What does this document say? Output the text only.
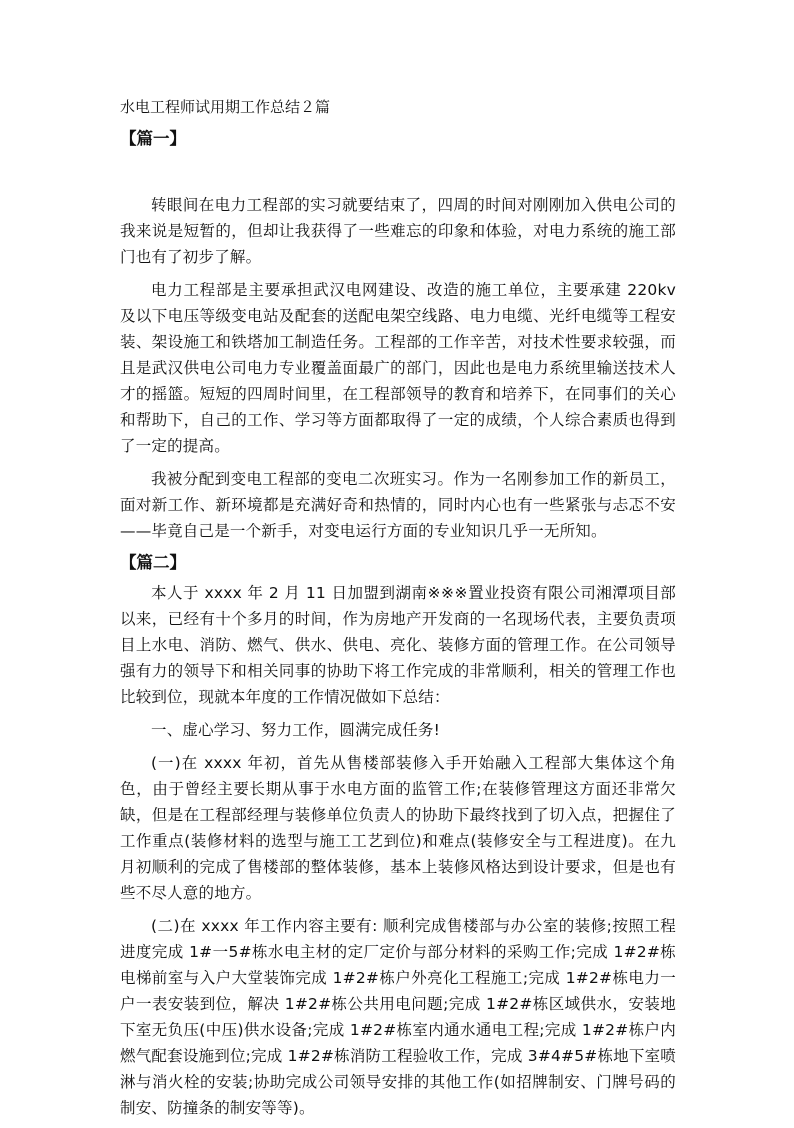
水电工程师试用期工作总结２篇
【篇一】

转眼间在电力工程部的实习就要结束了，四周的时间对刚刚加入供电公司的我来说是短暂的，但却让我获得了一些难忘的印象和体验，对电力系统的施工部门也有了初步了解。

电力工程部是主要承担武汉电网建设、改造的施工单位，主要承建 220kv 及以下电压等级变电站及配套的送配电架空线路、电力电缆、光纤电缆等工程安装、架设施工和铁塔加工制造任务。工程部的工作辛苦，对技术性要求较强，而且是武汉供电公司电力专业覆盖面最广的部门，因此也是电力系统里输送技术人才的摇篮。短短的四周时间里，在工程部领导的教育和培养下，在同事们的关心和帮助下，自己的工作、学习等方面都取得了一定的成绩，个人综合素质也得到了一定的提高。

我被分配到变电工程部的变电二次班实习。作为一名刚参加工作的新员工，面对新工作、新环境都是充满好奇和热情的，同时内心也有一些紧张与忐忑不安——毕竟自己是一个新手，对变电运行方面的专业知识几乎一无所知。

【篇二】

本人于 xxxx 年 2 月 11 日加盟到湖南※※※置业投资有限公司湘潭项目部以来，已经有十个多月的时间，作为房地产开发商的一名现场代表，主要负责项目上水电、消防、燃气、供水、供电、亮化、装修方面的管理工作。在公司领导强有力的领导下和相关同事的协助下将工作完成的非常顺利，相关的管理工作也比较到位，现就本年度的工作情况做如下总结：

一、虚心学习、努力工作，圆满完成任务!

(一)在 xxxx 年初，首先从售楼部装修入手开始融入工程部大集体这个角色，由于曾经主要长期从事于水电方面的监管工作;在装修管理这方面还非常欠缺，但是在工程部经理与装修单位负责人的协助下最终找到了切入点，把握住了工作重点(装修材料的选型与施工工艺到位)和难点(装修安全与工程进度)。在九月初顺利的完成了售楼部的整体装修，基本上装修风格达到设计要求，但是也有些不尽人意的地方。

(二)在 xxxx 年工作内容主要有: 顺利完成售楼部与办公室的装修;按照工程进度完成 1#一5#栋水电主材的定厂定价与部分材料的采购工作;完成 1#2#栋电梯前室与入户大堂装饰完成 1#2#栋户外亮化工程施工;完成 1#2#栋电力一户一表安装到位，解决 1#2#栋公共用电问题;完成 1#2#栋区域供水，安装地下室无负压(中压)供水设备;完成 1#2#栋室内通水通电工程;完成 1#2#栋户内燃气配套设施到位;完成 1#2#栋消防工程验收工作，完成 3#4#5#栋地下室喷淋与消火栓的安装;协助完成公司领导安排的其他工作(如招牌制安、门牌号码的制安、防撞条的制安等等)。
